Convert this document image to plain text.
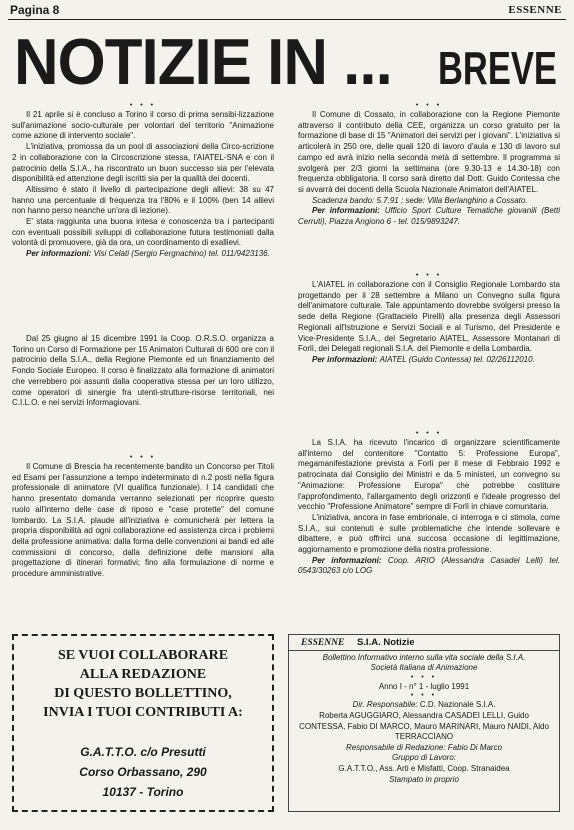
Pagina 8	ESSENNE
NOTIZIE IN ... BREVE
• • •

Il 21 aprile si è concluso a Torino il corso di prima sensibi-lizzazione sull'animazione socio-culturale per volontari del territorio "Animazione come azione di intervento sociale".

L'iniziativa, promossa da un pool di associazioni della Circo-scrizione 2 in collaborazione con la Circoscrizione stessa, l'AIATEL-SNA e con il patrocinio della S.I.A., ha riscontrato un buon successo sia per l'elevata disponibilità ed attenzione degli iscritti sia per la qualità dei docenti.

Altissimo è stato il livello di partecipazione degli allievi: 38 su 47 hanno una percentuale di frequenza tra l'80% e il 100% (ben 14 allievi non hanno perso neanche un'ora di lezione).

E' stata raggiunta una buona intesa e conoscenza tra i partecipanti con eventuali possibili sviluppi di collaborazione futura testimoniati dalla volontà di promuovere, già da ora, un coordinamento di exallievi.

Per informazioni: Visi Celati (Sergio Fergnachino) tel. 011/9423136.

Dal 25 giugno al 15 dicembre 1991 la Coop. O.R.S.O. organizza a Torino un Corso di Formazione per 15 Animatori Culturali di 600 ore con il patrocinio della S.I.A., della Regione Piemonte ed un finanziamento del Fondo Sociale Europeo. Il corso è finalizzato alla formazione di animatori che verrebbero poi assunti dalla cooperativa stessa per un loro utilizzo, come operatori di sinergie fra utenti-strutture-risorse territoriali, nei C.I.L.O. e nei servizi Informagiovani.

• • •

Il Comune di Brescia ha recentemente bandito un Concorso per Titoli ed Esami per l'assunzione a tempo indeterminato di n.2 posti nella figura professionale di animatore (VI qualifica funzionale). I 14 candidati che hanno presentato domanda verranno selezionati per ricoprire questo ruolo all'interno delle case di riposo e "case protette" del comune lombardo. La S.I.A. plaude all'iniziativa e comunicherà per lettera la propria disponibilità ad ogni collaborazione ed assistenza circa i problemi della professione animativa: dalla forma delle convenzioni ai bandi ed alle commissioni di concorso, dalla definizione delle mansioni alla progettazione di itinerari formativi; fino alla formulazione di norme e procedure amministrative.

• • •

Il Comune di Cossato, in collaborazione con la Regione Piemonte attraverso il contributo della CEE, organizza un corso gratuito per la formazione di base di 15 "Animatori dei servizi per i giovani". L'iniziativa si articolerà in 250 ore, delle quali 120 di lavoro d'aula e 130 di lavoro sul campo ed avrà inizio nella seconda metà di settembre. Il programma si svolgerà per 2/3 giorni la settimana (ore 9.30-13 e 14.30-18) con frequenza obbligatoria. Il corso sarà diretto dal Dott. Guido Contessa che si avvarrà dei docenti della Scuola Nazionale Animatori dell'AIATEL.

Scadenza bando: 5.7.91 ; sede: Villa Berlanghino a Cossato.

Per informazioni: Ufficio Sport Culture Tematiche giovanili (Betti Cerruti), Piazza Angiono 6 - tel. 015/9893247.

• • •

L'AIATEL in collaborazione con il Consiglio Regionale Lombardo sta progettando per il 28 settembre a Milano un Convegno sulla figura dell'animatore culturale. Tale appuntamento dovrebbe svolgersi presso la sede della Regione (Grattacielo Pirelli) alla presenza degli Assessori Regionali all'Istruzione e Servizi Sociali e al Turismo, del Presidente e Vice-Presidente S.I.A., del Segretario AIATEL, Assessore Montanari di Forlì, dei Delegati regionali S.I.A. del Piemonte e della Lombardia.

Per informazioni: AIATEL (Guido Contessa) tel. 02/26112010.

• • •

La S.I.A. ha ricevuto l'incarico di organizzare scientificamente all'interno del contenitore "Contatto 5: Professione Europa", megamanifestazione prevista a Forlì per il mese di Febbraio 1992 e patrocinata dal Consiglio dei Ministri e da 5 ministeri, un convegno su "Animazione: Professione Europa" che potrebbe costituire l'approfondimento, l'allargamento degli orizzonti e l'ideale progresso del vecchio "Professione Animatore" sempre di Forlì in chiave comunitaria.

L'iniziativa, ancora in fase embrionale, ci interroga e ci stimola, come S.I.A., sui contenuti e sulle problematiche che intende sollevare e dibattere, e può offrirci una succosa occasione di legittimazione, aggiornamento e promozione della nostra professione.

Per informazioni: Coop. ARIO (Alessandra Casadei Lelli) tel. 0543/30263 c/o LOG

SE VUOI COLLABORARE
ALLA REDAZIONE
DI QUESTO BOLLETTINO,
INVIA I TUOI CONTRIBUTI A:
G.A.T.T.O. c/o Presutti
Corso Orbassano, 290
10137 - Torino
ESSENNE S.I.A. Notizie
Bollettino Informativo interno sulla vita sociale della S.I.A.
Società Italiana di Animazione
• • •
Anno I - n° 1 - luglio 1991
• • •
Dir. Responsabile: C.D. Nazionale S.I.A.
Roberta AGUGGIARO, Alessandra CASADEI LELLI, Guido CONTESSA, Fabio DI MARCO, Mauro MARINARI, Mauro NAIDI, Aldo TERRACCIANO
Responsabile di Redazione: Fabio Di Marco
Gruppo di Lavoro:
G.A.T.T.O., Ass. Arti e Misfatti, Coop. Stranaidea
Stampato in proprio
